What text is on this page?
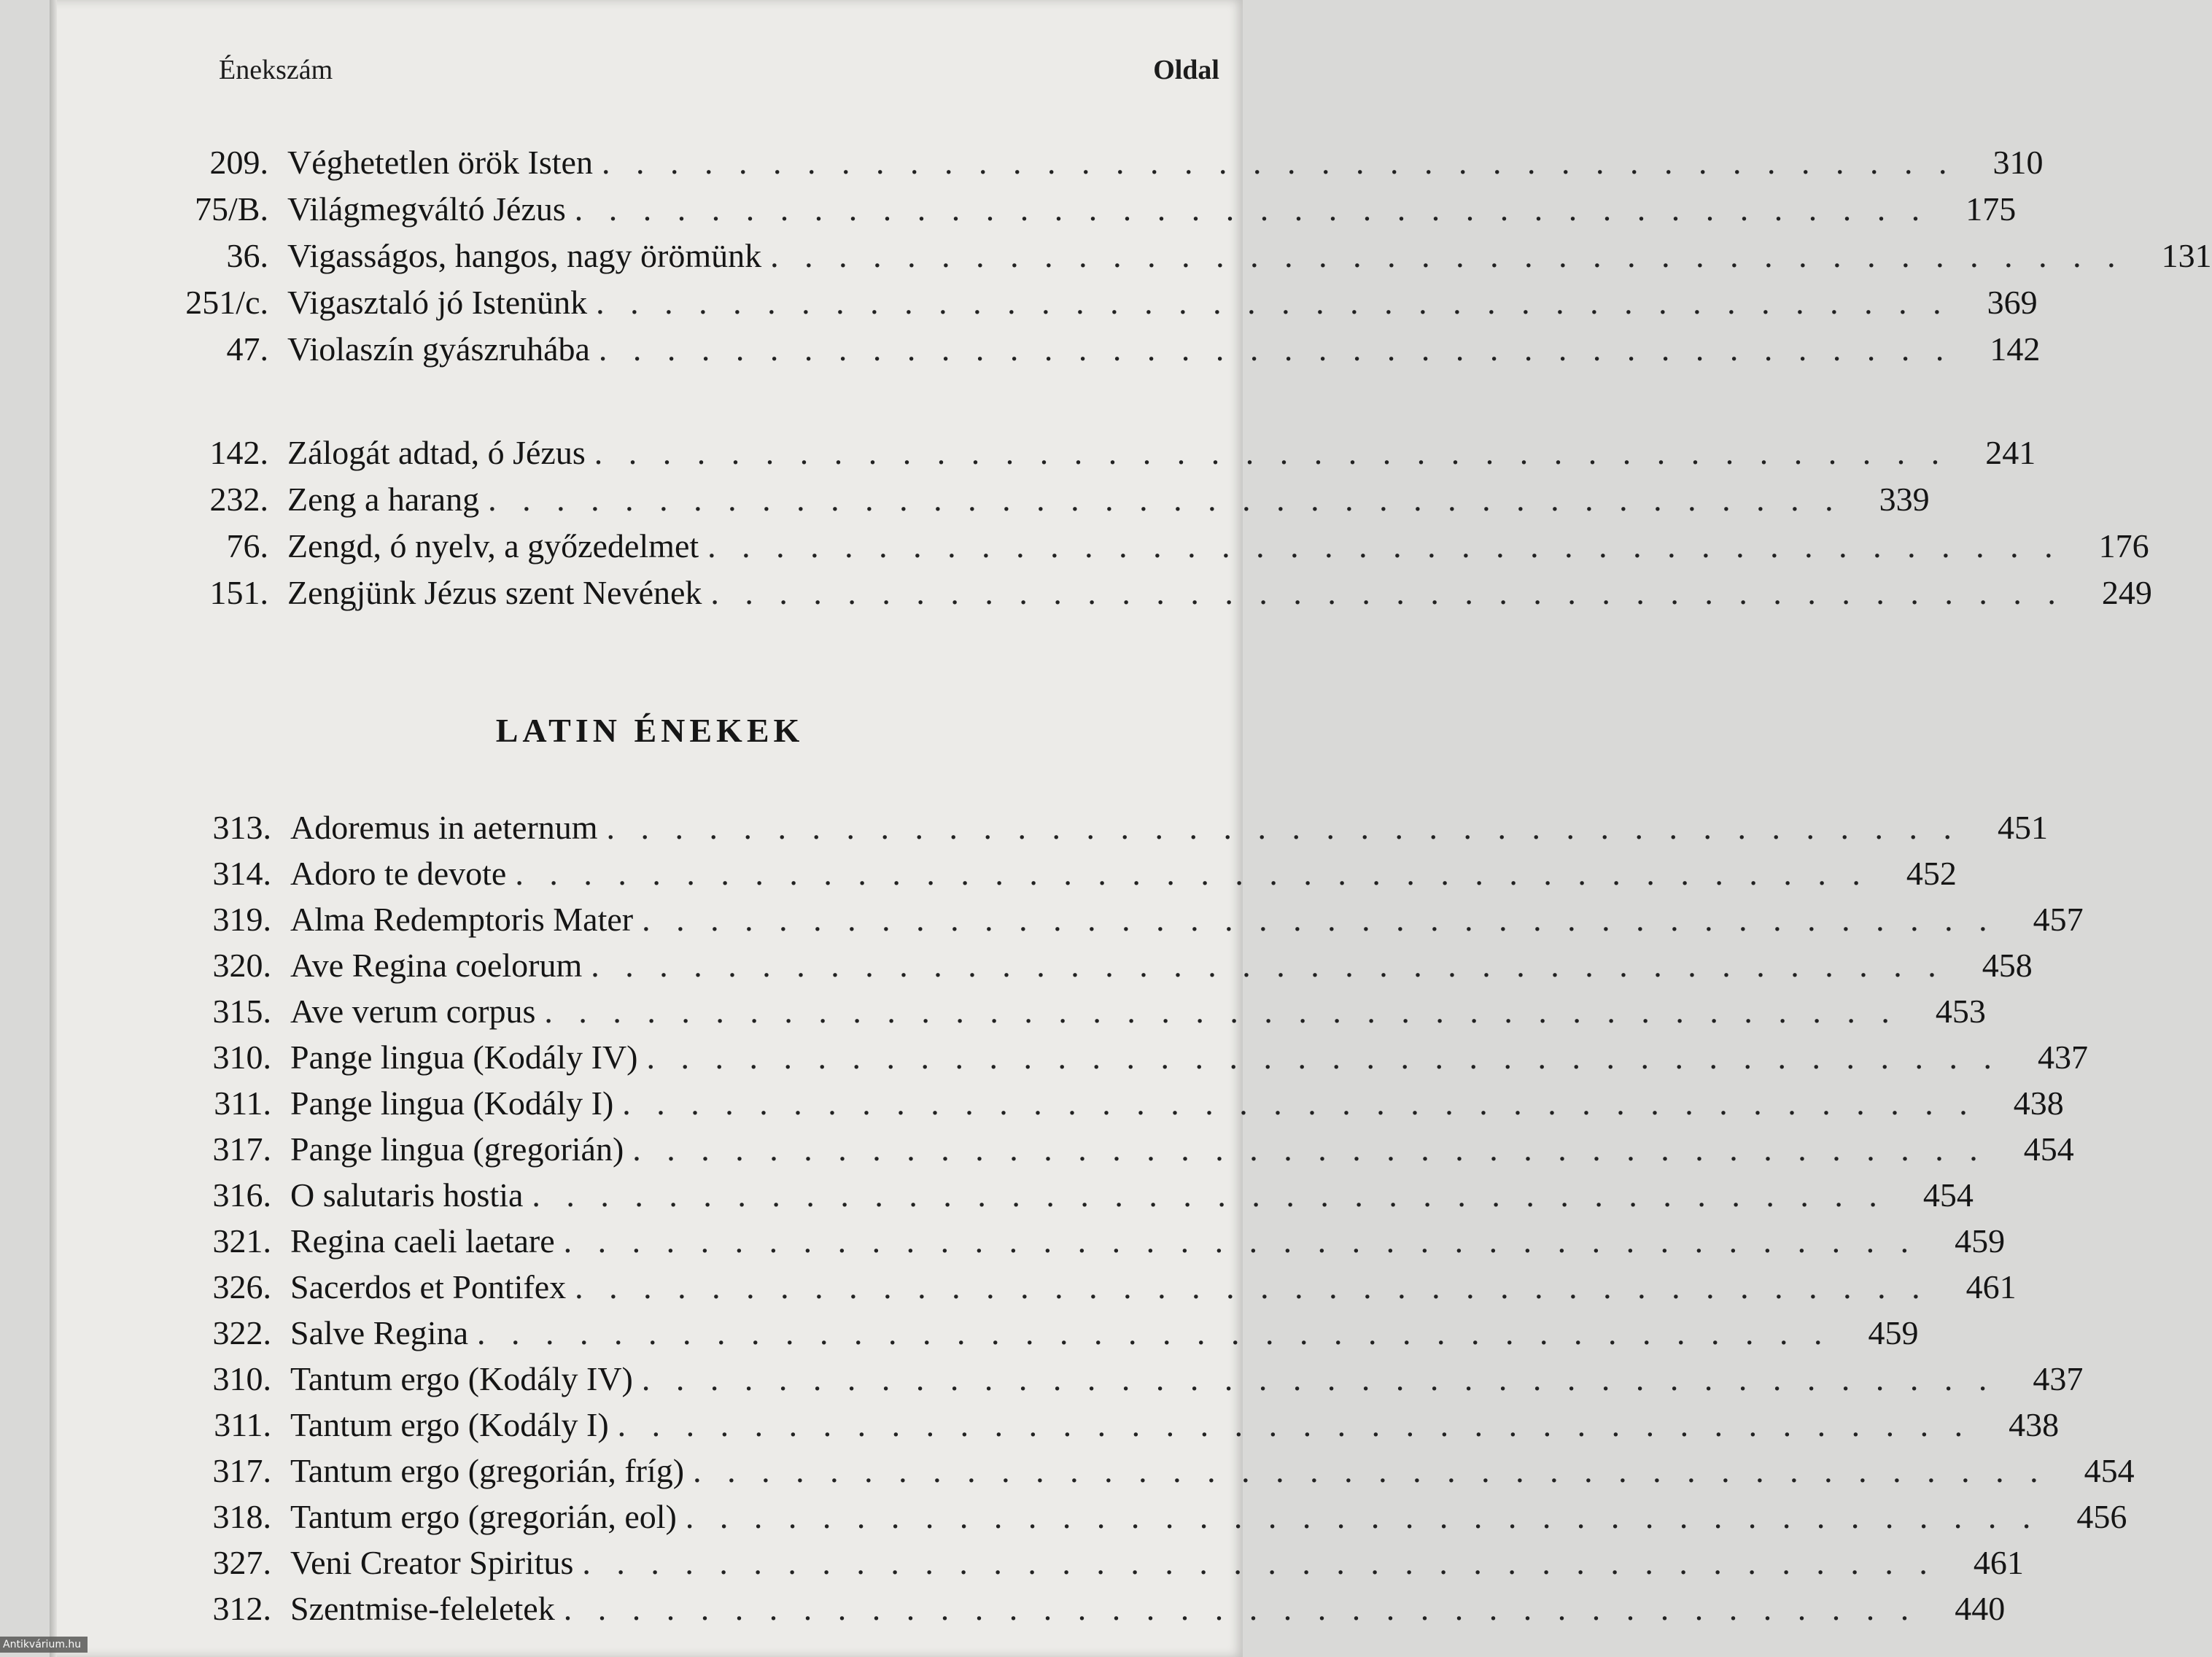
Énekszám	Oldal
209. Véghetetlen örök Isten . . . . . . . . . . . . . . . . . . . . . . . . . . . . . . . . . . . . . . . .	310
75/B. Világmegváltó Jézus . . . . . . . . . . . . . . . . . . . . . . . . . . . . . . . . . . . . . . . .	175
36. Vigasságos, hangos, nagy örömünk . . . . . . . . . . . . . . . . . . . . . . . . . . . . . . . . . . . . . . . .	131
251/c. Vigasztaló jó Istenünk . . . . . . . . . . . . . . . . . . . . . . . . . . . . . . . . . . . . . . . .	369
47. Violaszín gyászruhába . . . . . . . . . . . . . . . . . . . . . . . . . . . . . . . . . . . . . . . .	142
142. Zálogát adtad, ó Jézus . . . . . . . . . . . . . . . . . . . . . . . . . . . . . . . . . . . . . . . .	241
232. Zeng a harang . . . . . . . . . . . . . . . . . . . . . . . . . . . . . . . . . . . . . . . .	339
76. Zengd, ó nyelv, a győzedelmet . . . . . . . . . . . . . . . . . . . . . . . . . . . . . . . . . . . . . . . .	176
151. Zengjünk Jézus szent Nevének . . . . . . . . . . . . . . . . . . . . . . . . . . . . . . . . . . . . . . . .	249
LATIN ÉNEKEK
313. Adoremus in aeternum . . . . . . . . . . . . . . . . . . . . . . . . . . . . . . . . . . . . . . . .	451
314. Adoro te devote . . . . . . . . . . . . . . . . . . . . . . . . . . . . . . . . . . . . . . . .	452
319. Alma Redemptoris Mater . . . . . . . . . . . . . . . . . . . . . . . . . . . . . . . . . . . . . . . .	457
320. Ave Regina coelorum . . . . . . . . . . . . . . . . . . . . . . . . . . . . . . . . . . . . . . . .	458
315. Ave verum corpus . . . . . . . . . . . . . . . . . . . . . . . . . . . . . . . . . . . . . . . .	453
310. Pange lingua (Kodály IV) . . . . . . . . . . . . . . . . . . . . . . . . . . . . . . . . . . . . . . . .	437
311. Pange lingua (Kodály I) . . . . . . . . . . . . . . . . . . . . . . . . . . . . . . . . . . . . . . . .	438
317. Pange lingua (gregorián) . . . . . . . . . . . . . . . . . . . . . . . . . . . . . . . . . . . . . . . .	454
316. O salutaris hostia . . . . . . . . . . . . . . . . . . . . . . . . . . . . . . . . . . . . . . . .	454
321. Regina caeli laetare . . . . . . . . . . . . . . . . . . . . . . . . . . . . . . . . . . . . . . . .	459
326. Sacerdos et Pontifex . . . . . . . . . . . . . . . . . . . . . . . . . . . . . . . . . . . . . . . .	461
322. Salve Regina . . . . . . . . . . . . . . . . . . . . . . . . . . . . . . . . . . . . . . . .	459
310. Tantum ergo (Kodály IV) . . . . . . . . . . . . . . . . . . . . . . . . . . . . . . . . . . . . . . . .	437
311. Tantum ergo (Kodály I) . . . . . . . . . . . . . . . . . . . . . . . . . . . . . . . . . . . . . . . .	438
317. Tantum ergo (gregorián, fríg) . . . . . . . . . . . . . . . . . . . . . . . . . . . . . . . . . . . . . . . .	454
318. Tantum ergo (gregorián, eol) . . . . . . . . . . . . . . . . . . . . . . . . . . . . . . . . . . . . . . . .	456
327. Veni Creator Spiritus . . . . . . . . . . . . . . . . . . . . . . . . . . . . . . . . . . . . . . . .	461
312. Szentmise-feleletek . . . . . . . . . . . . . . . . . . . . . . . . . . . . . . . . . . . . . . . .	440
Antikvárium.hu
